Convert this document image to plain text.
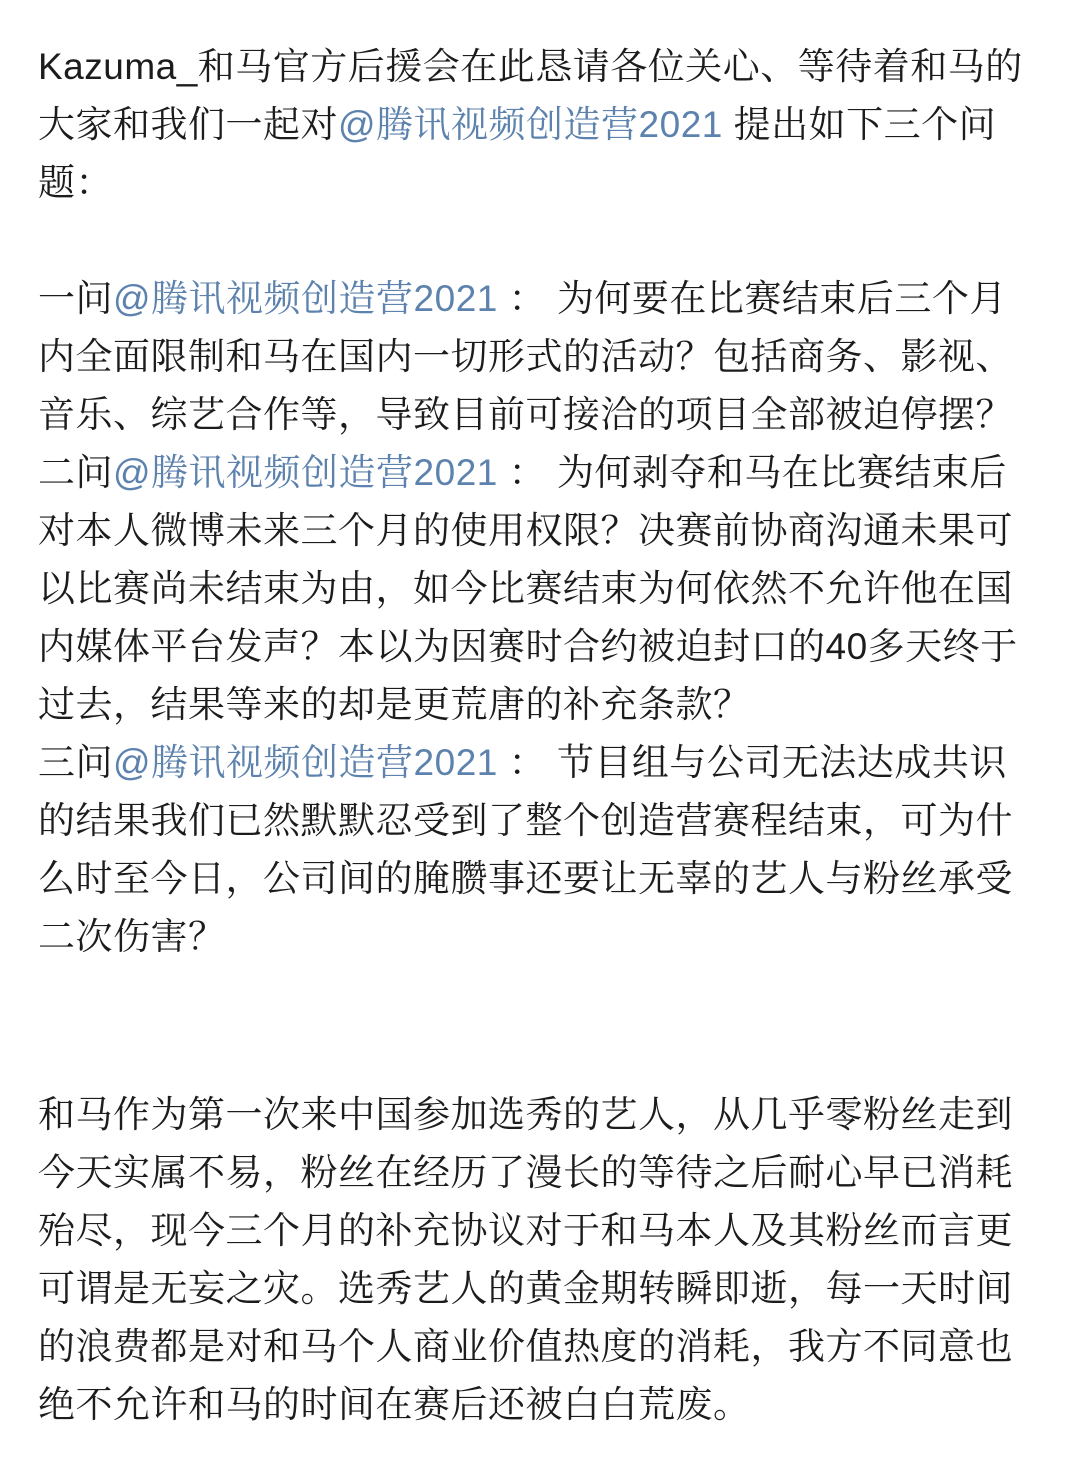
Kazuma_和马官方后援会在此恳请各位关心、等待着和马的大家和我们一起对@腾讯视频创造营2021 提出如下三个问题：

一问@腾讯视频创造营2021 ： 为何要在比赛结束后三个月内全面限制和马在国内一切形式的活动？包括商务、影视、音乐、综艺合作等，导致目前可接洽的项目全部被迫停摆？

二问@腾讯视频创造营2021 ： 为何剥夺和马在比赛结束后对本人微博未来三个月的使用权限？决赛前协商沟通未果可以比赛尚未结束为由，如今比赛结束为何依然不允许他在国内媒体平台发声？本以为因赛时合约被迫封口的40多天终于过去，结果等来的却是更荒唐的补充条款？

三问@腾讯视频创造营2021 ： 节目组与公司无法达成共识的结果我们已然默默忍受到了整个创造营赛程结束，可为什么时至今日，公司间的腌臜事还要让无辜的艺人与粉丝承受二次伤害？

和马作为第一次来中国参加选秀的艺人，从几乎零粉丝走到今天实属不易，粉丝在经历了漫长的等待之后耐心早已消耗殆尽，现今三个月的补充协议对于和马本人及其粉丝而言更可谓是无妄之灾。选秀艺人的黄金期转瞬即逝，每一天时间的浪费都是对和马个人商业价值热度的消耗，我方不同意也绝不允许和马的时间在赛后还被白白荒废。
